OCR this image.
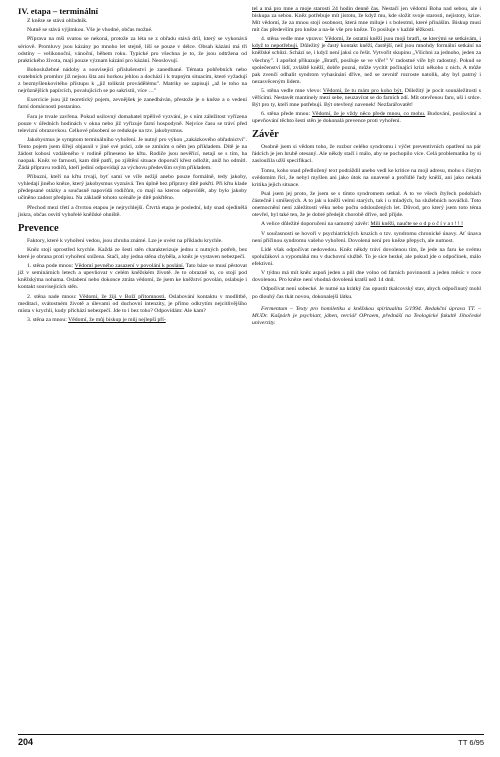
IV. etapa – terminální

Z kněze se stává ohřadník.

Nutně se stává výjimkou. Vše je vhodné, občas možné.

Příprava na mši svatou se nekoná, protože za léta se z obřadu stává dril, který se vykonává sériově. Promluvy jsou kázány po mnoho let stejně, liší se pouze v délce. Obsah kázání má tři odstíny – velikonoční, vánoční, během roku. Typické pro všechna je to, že jsou odtržena od praktického života, mají pouze význam kázání pro kázání. Neoslovují.

Bohoslužebné nádoby a související příslušenství je zanedbané. Témata pohřebních nebo svatebních promluv již nejsou šita ani horkou jehlou a dochází i k trapným situacím, které vyžadují z bezmyšlenkovitého přístupu k „již tolikrát provádělému". Matriky se zapisují „až le toho na nejrůznějších papírcích, povalujících se po sakristii, více …"

Exercicie jsou již teoretický pojem, zevnějšek je zanedbáván, přestože je o kněze a o vedení farní domácnosti postaráno.

Fara je trvale zavřena. Pokud usilovný domahatel trpělivě vyzvání, je s ním záležitost vyřízena pouze v úředních hodinách v okna nebo již vyřizuje farní hospodyně. Nejvíce času se tráví před televizní obrazovkou. Celkové působení se redukuje na tzv. jakobysmus.

Jakobysmus je symptom terminálního vyhoření. Je nutný pro výkon „zakázkového obřadnictví". Tento pojem jsem šířeji objasnil v jiné své práci, zde se zmíním o něm jen příkladem. Dítě je na žádost kohosi vzdáleného v rodině přineseno ke křtu. Rodiče jsou nevěřící, netají se s tím, ba naopak. Kněz ve farnosti, kam dítě patří, po zjištění situace doporučí křest odložit, aniž ho odmítl. Žádá přípravu rodičů, kteří jediní odpovídají za výchovu především svým příkladem.

Příbuzní, kteří na křtu trvají, byť sami ve víře nežijí anebo pouze formálně, tedy jakoby, vyhledají jiného kněze, který jakobysmus vyznává. Ten úplně bez přípravy dítě pokřtí. Při křtu klade předepsané otázky a současně napovídá rodičům, co mají na kterou odpovídět, aby bylo jakoby učiněno zadost předpisu. Na základě tohoto scénáře je dítě pokřtěno.

Přechod mezi třetí a čtvrtou etapou je nejrychlejší. Čtvrtá etapa je poslední, kdy snad ojedinělá jiskra, občas osvítí vyhořelé kněžské ohniště.

Prevence

Faktory, které k vyhoření vedou, jsou zhruba známé. Lze je uvést na příkladu krychle.

Kněz stojí uprostřed krychle. Každá ze šesti stěn charakterizuje jednu z nutných potřeb, bez které je obrana proti vyhoření snížena. Stačí, aby jedna stěna chyběla, a kněz je vystaven nebezpečí.

1. stěna pode mnou: Vědomí pevného zasazení v povolání k poslání. Tato báze se musí pěstovat již v seminárních letech a upevňovat v celém kněžském životě. Je to obrazně to, co stojí pod kněžskýma nohama. Oslabení nebo dokonce ztráta vědomí, že jsem ke kněžství povolán, oslabuje i kontakt souvisejících stěn.

2. stěna nade mnou: Vědomí, že žiji v Boží přítomnosti. Oslabování kontaktu v modlitbě, meditaci, svátostném životě a úlevami od duchovní intenzity, je přímo odkrytím nejcitlivějšího místa v krychli, kudy přichází nebezpečí. Jde to i bez toho? Odpovídám: Ale kam?

3. stěna za mnou: Vědomí, že můj biskup je můj nejlepší pří-

tel a má pro mne a moje starosti 24 hodin denně čas. Nestačí jen vědomí Boha nad sebou, ale i biskupa za sebou. Kněz potřebuje mít jistotu, že když mu, kde složit svoje starosti, nejistoty, krize. Mít vědomí, že za mnou stojí osobnost, která mne miluje i s bolestmi, které přináším. Biskup musí mít čas především pro kněze a na-še vše pro kněze. To posiluje v každé těžkosti.

4. stěna vedle mne vpravo: Vědomí, že ostatní kněží jsou moji bratři, se kterými se setkávám, i když to nepotřebuji. Důležitý je častý kontakt kněží, častější, než jsou mnohdy formální setkání na kněžské schůzi. Schází se, i když není jaksi co řešit. Vytvořit skupinu „Všichni za jednoho, jeden za všechny". I apoštol přikazuje „Bratři, posiluje se ve víře!" V radostné víře být radostný. Pokud se společenství lidí, zvláště kněží, dobře pozná, může vycítit počínající krizi někoho z nich. A může pak zvenčí odhalit syndrom vyhasínání dříve, než se zevnitř rozroste natolik, aby byl patrný i nezasvěceným lidem.

5. stěna vedle mne vlevo: Vědomí, že tu mám pro koho být. Důležitý je pocit sounáležitosti s věřícími. Nestavět mantinely mezi sebe, neuzavírat se do farních zdí. Mít otevřenou faru, uši i srdce. Být pro ty, kteří mne potřebují. Být otevřený navenek! Nezfarářovatět!

6. stěna přede mnou: Vědomí, že je vždy něco přede mnou, co mohu. Budování, posilování a upevňování těchto šesti stěn je dokonalá prevence proti vyhoření.

Závěr

Osobně jsem si vědom toho, že rozbor celého syndromu i výčet preventivních opatření na pár řádcích je jen hrubě otesaný. Ale někdy stačí i málo, aby se pochopilo více. Celá problematika by si zasloužila užší specifikaci.

Tomu, koho snad předložený text podráždil anebo vedl ke kritice na moji adresu, mohu s čistým svědomím říci, že nebyl myšlen ani jako útok na unavené a prořídlé řady kněží, ani jako nekalá kritika jejich situace.

Psal jsem jej proto, že jsem se s tímto syndromem setkal. A to ve všech čtyřech podobách částečně i smíšených. A to jak u kněží velmi starých, tak i u mladých, ba služebních nováčků. Toto onemocnění není záležitostí věku nebo počtu odsloužených let. Důvod, pro který jsem toto téma otevřel, byl také ten, že je dobré předejít chorobě dříve, než přijde.

A velice důležité doporučení na samotný závěr: Mili kněží, naučte se o d p o č í v a t ! ! !

V současnosti se hovoří v psychiatrických kruzích o tzv. syndromu chronické únavy. Ať únava není příčinou syndromu vašeho vyhoření. Dovolená není pro kněze přepych, ale nutnost.

Lidé však odpočívat nedovedou. Kněz někdy tráví dovolenou tím, že jede na faru ke svému spolužákovi a vypomáhá mu v duchovní službě. To je sice hezké, ale pokud jde o odpočinek, málo efektivní.

V týdnu má mít kněz aspoň jeden a půl dne volno od farních povinností a jeden měsíc v roce dovolenou. Pro kněze není vhodná dovolená kratší než 14 dnů.

Odpočívat není sobecké. Je nutné na krátký čas opustit tkalcovský stav, abych odpočinutý mohl po dlouhý čas tkát novou, dokonalejší látku.

Fermentum – Texty pro homiletiku a kněžskou spiritualitu 5/1994. Redakční úprava TT. – MUDr. Kašpárh je psychiatr, jáhen, terciář OPraem, přednáší na Teologické fakultě Jihočeské univerzity.

204	TT 6/95
